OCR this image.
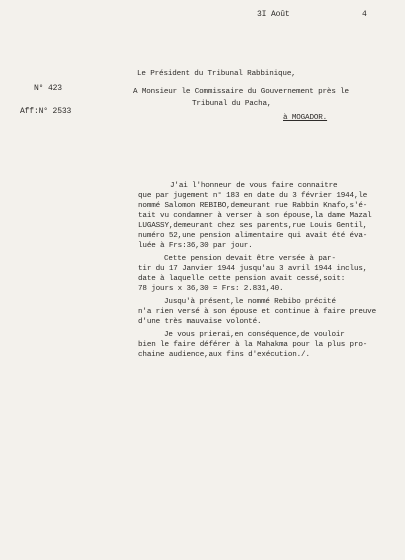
3I Août	4
N° 423
Aff:N° 2533
Le Président du Tribunal Rabbinique,
A Monsieur le Commissaire du Gouvernement près le
Tribunal du Pacha,
à MOGADOR.
J'ai l'honneur de vous faire connaitre
que par jugement n° 183 en date du 3 février 1944,le
nommé Salomon REBIBO,demeurant rue Rabbin Knafo,s'é-
tait vu condamner à verser à son épouse,la dame Mazal
LUGASSY,demeurant chez ses parents,rue Louis Gentil,
numéro 52,une pension alimentaire qui avait été éva-
luée à Frs:36,30 par jour.
Cette pension devait être versée à par-
tir du 17 Janvier 1944 jusqu'au 3 avril 1944 inclus,
date à laquelle cette pension avait cessé,soit:
78 jours x 36,30 = Frs: 2.831,40.
Jusqu'à présent,le nommé Rebibo précité
n'a rien versé à son épouse et continue à faire preuve
d'une très mauvaise volonté.
Je vous prierai,en conséquence,de vouloir
bien le faire déférer à la Mahakma pour la plus pro-
chaine audience,aux fins d'exécution./.
